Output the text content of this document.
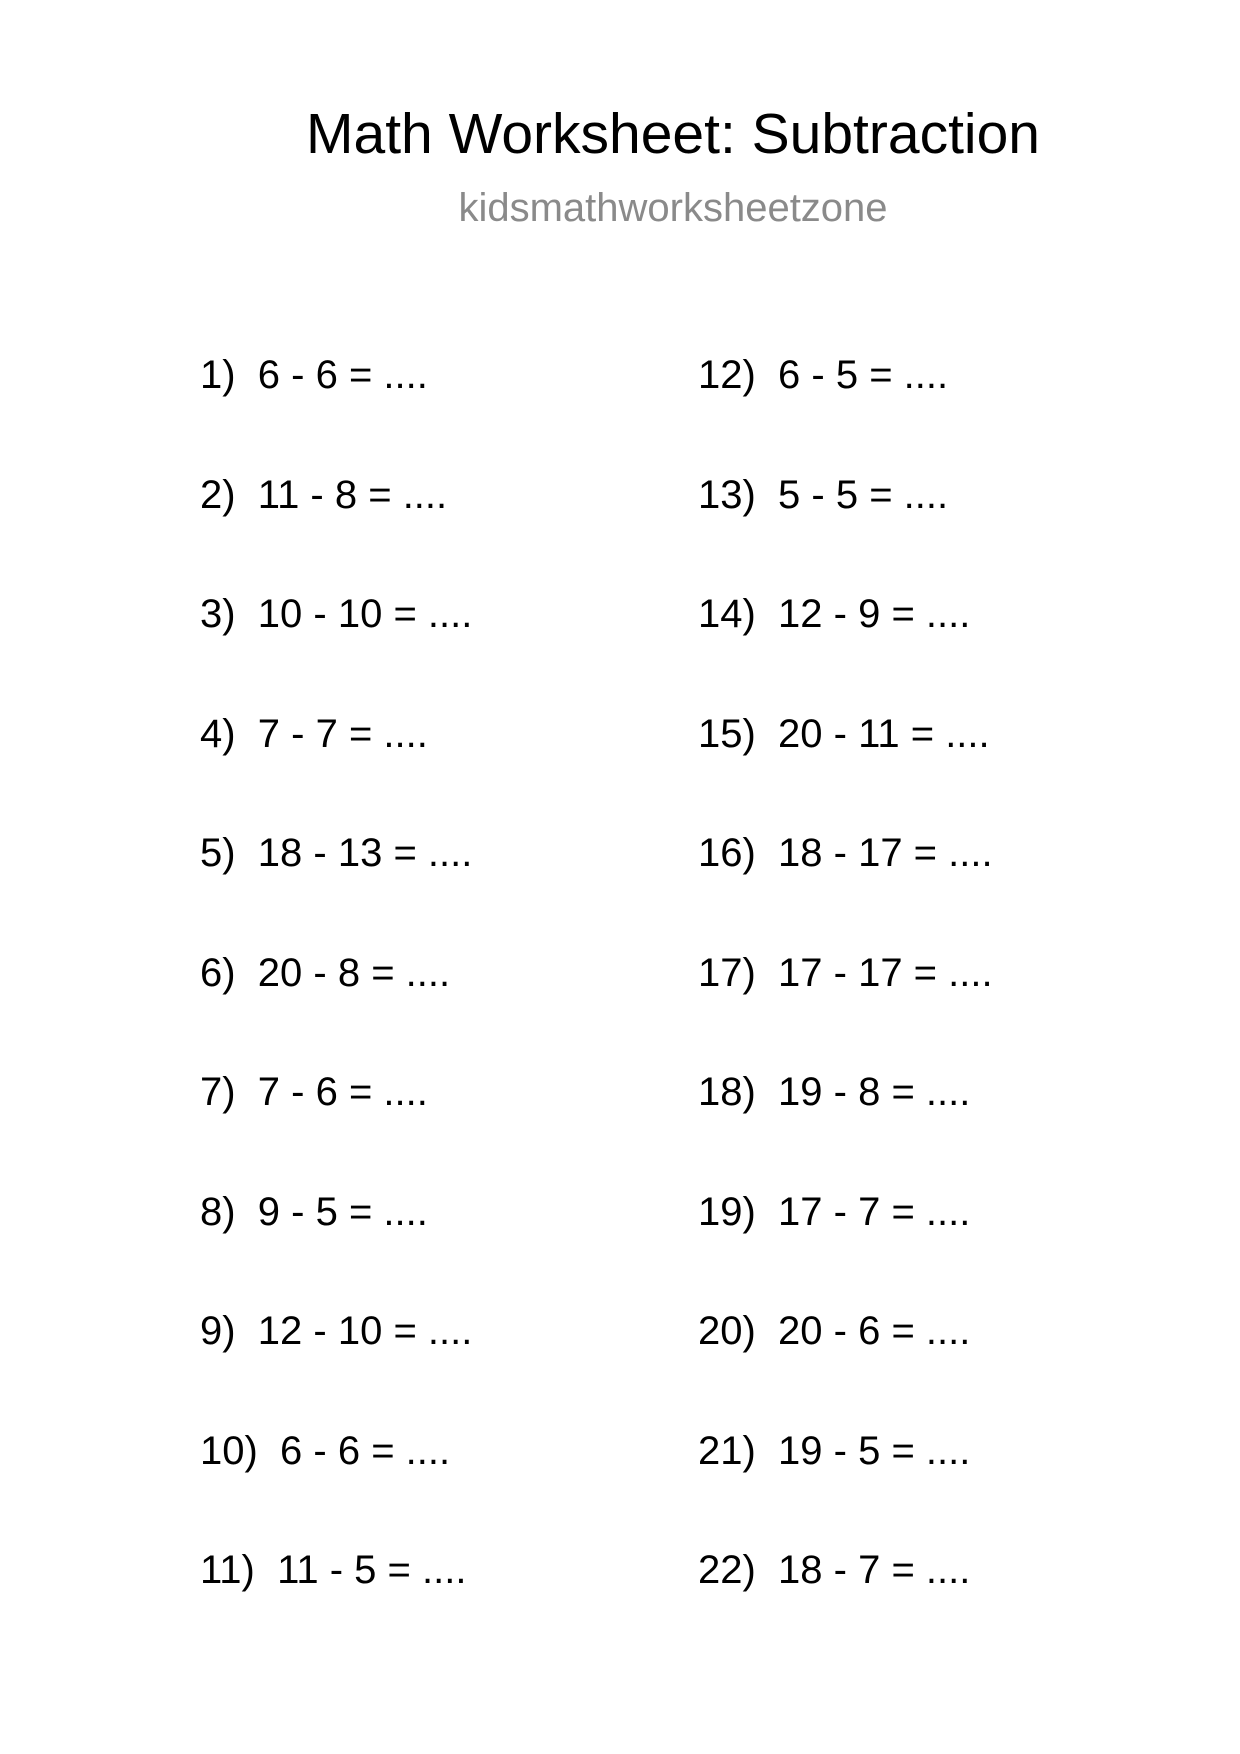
Math Worksheet: Subtraction

kidsmathworksheetzone

1)  6 - 6 = ....
2)  11 - 8 = ....
3)  10 - 10 = ....
4)  7 - 7 = ....
5)  18 - 13 = ....
6)  20 - 8 = ....
7)  7 - 6 = ....
8)  9 - 5 = ....
9)  12 - 10 = ....
10)  6 - 6 = ....
11)  11 - 5 = ....
12)  6 - 5 = ....
13)  5 - 5 = ....
14)  12 - 9 = ....
15)  20 - 11 = ....
16)  18 - 17 = ....
17)  17 - 17 = ....
18)  19 - 8 = ....
19)  17 - 7 = ....
20)  20 - 6 = ....
21)  19 - 5 = ....
22)  18 - 7 = ....
